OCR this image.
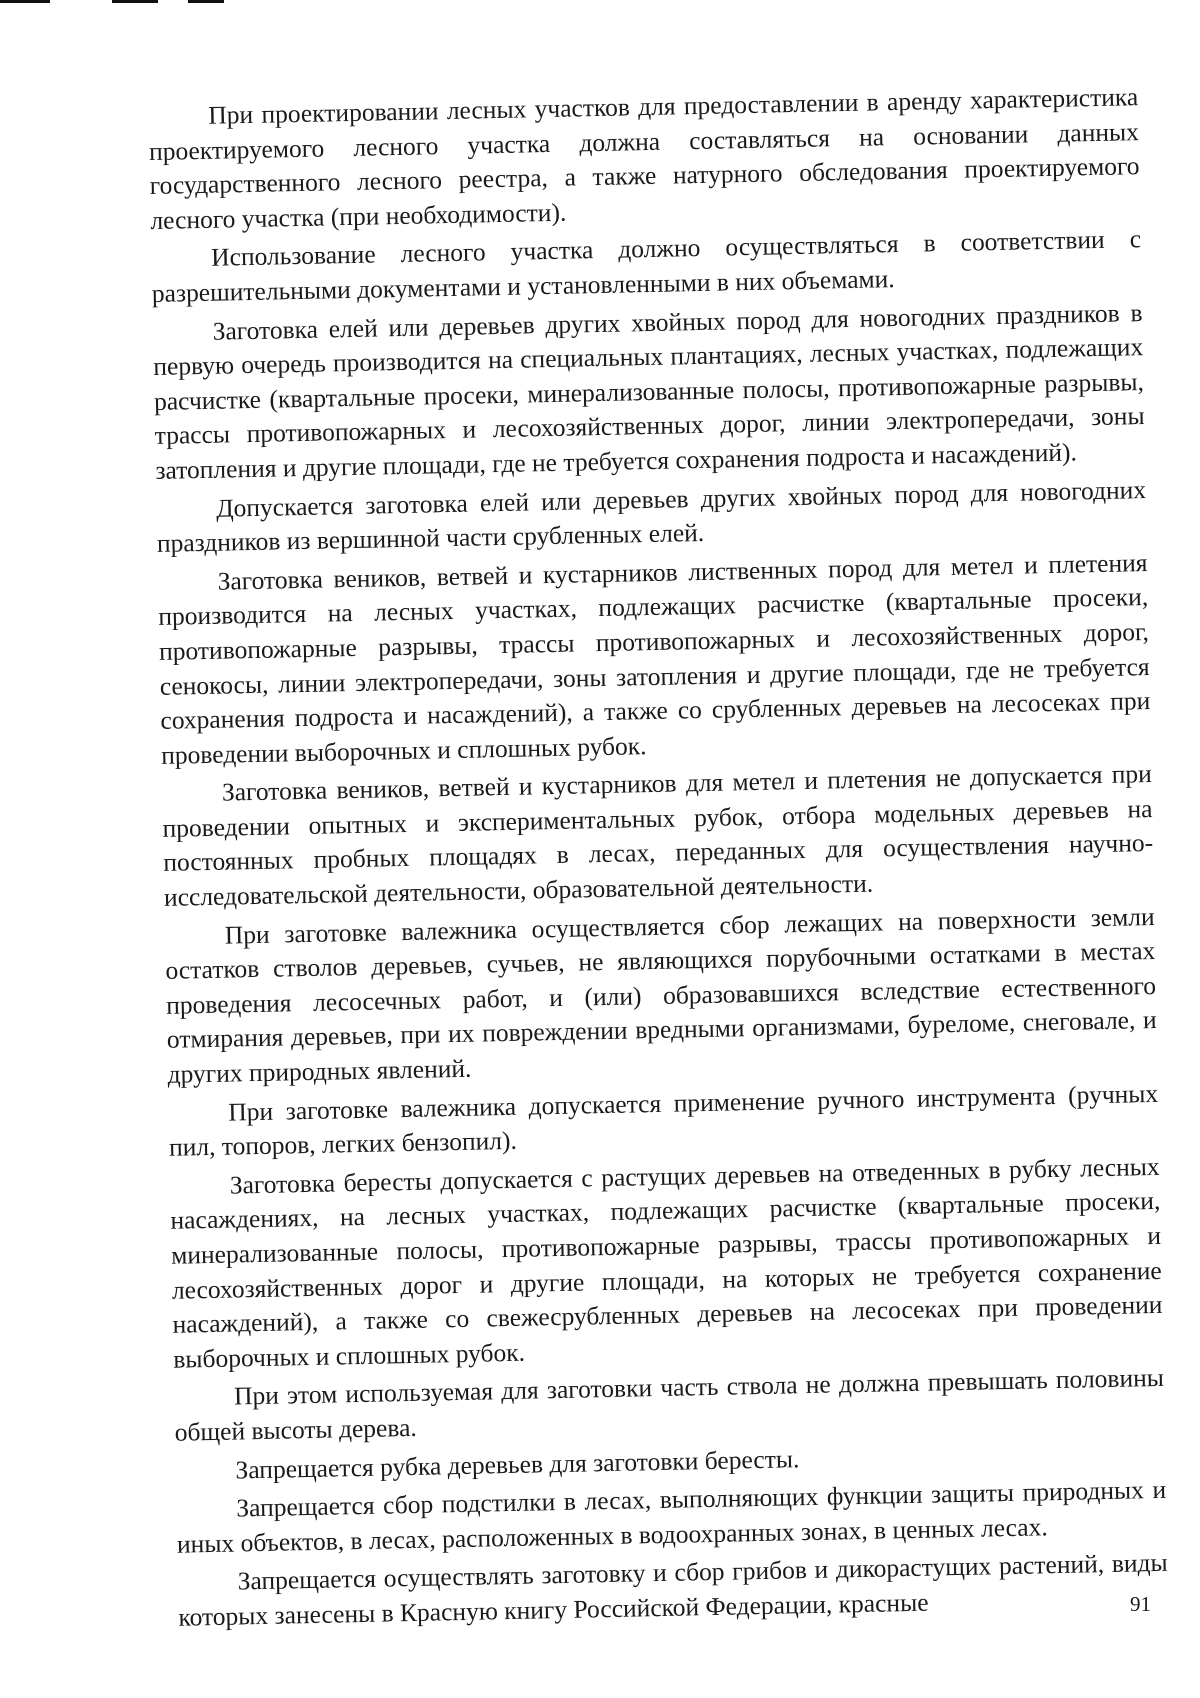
При проектировании лесных участков для предоставлении в аренду характеристика проектируемого лесного участка должна составляться на основании данных государственного лесного реестра, а также натурного обследования проектируемого лесного участка (при необходимости).

Использование лесного участка должно осуществляться в соответствии с разрешительными документами и установленными в них объемами.

Заготовка елей или деревьев других хвойных пород для новогодних праздников в первую очередь производится на специальных плантациях, лесных участках, подлежащих расчистке (квартальные просеки, минерализованные полосы, противопожарные разрывы, трассы противопожарных и лесохозяйственных дорог, линии электропередачи, зоны затопления и другие площади, где не требуется сохранения подроста и насаждений).

Допускается заготовка елей или деревьев других хвойных пород для новогодних праздников из вершинной части срубленных елей.

Заготовка веников, ветвей и кустарников лиственных пород для метел и плетения производится на лесных участках, подлежащих расчистке (квартальные просеки, противопожарные разрывы, трассы противопожарных и лесохозяйственных дорог, сенокосы, линии электропередачи, зоны затопления и другие площади, где не требуется сохранения подроста и насаждений), а также со срубленных деревьев на лесосеках при проведении выборочных и сплошных рубок.

Заготовка веников, ветвей и кустарников для метел и плетения не допускается при проведении опытных и экспериментальных рубок, отбора модельных деревьев на постоянных пробных площадях в лесах, переданных для осуществления научно-исследовательской деятельности, образовательной деятельности.

При заготовке валежника осуществляется сбор лежащих на поверхности земли остатков стволов деревьев, сучьев, не являющихся порубочными остатками в местах проведения лесосечных работ, и (или) образовавшихся вследствие естественного отмирания деревьев, при их повреждении вредными организмами, буреломе, снеговале, и других природных явлений.

При заготовке валежника допускается применение ручного инструмента (ручных пил, топоров, легких бензопил).

Заготовка бересты допускается с растущих деревьев на отведенных в рубку лесных насаждениях, на лесных участках, подлежащих расчистке (квартальные просеки, минерализованные полосы, противопожарные разрывы, трассы противопожарных и лесохозяйственных дорог и другие площади, на которых не требуется сохранение насаждений), а также со свежесрубленных деревьев на лесосеках при проведении выборочных и сплошных рубок.

При этом используемая для заготовки часть ствола не должна превышать половины общей высоты дерева.

Запрещается рубка деревьев для заготовки бересты.

Запрещается сбор подстилки в лесах, выполняющих функции защиты природных и иных объектов, в лесах, расположенных в водоохранных зонах, в ценных лесах.

Запрещается осуществлять заготовку и сбор грибов и дикорастущих растений, виды которых занесены в Красную книгу Российской Федерации, красные	91
